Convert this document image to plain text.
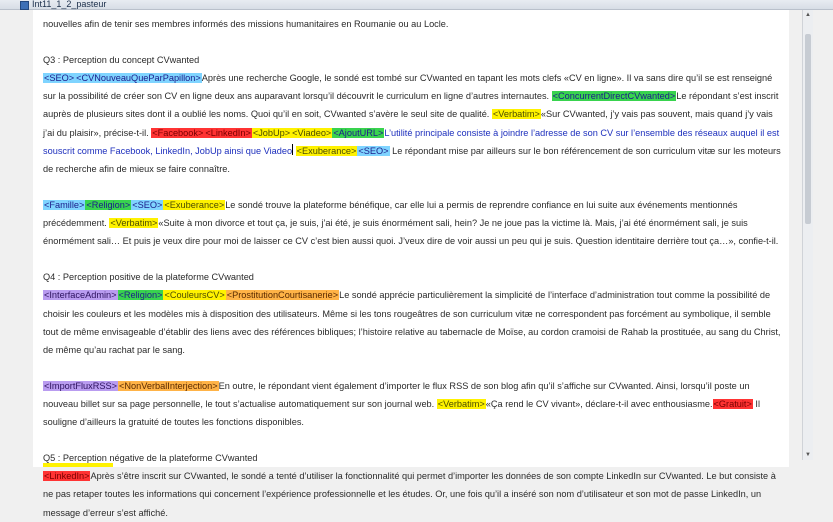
Int11_1_2_pasteur

nouvelles afin de tenir ses membres informés des missions humanitaires en Roumanie ou au Locle.

Q3 : Perception du concept CVwanted

<SEO> <CVNouveauQueParPapillon>Après une recherche Google, le sondé est tombé sur CVwanted en tapant les mots clefs «CV en ligne». Il va sans dire qu’il se est renseigné sur la possibilité de créer son CV en ligne deux ans auparavant lorsqu’il découvrit le curriculum en ligne d’autres internautes. <ConcurrentDirectCVwanted>Le répondant s’est inscrit auprès de plusieurs sites dont il a oublié les noms. Quoi qu’il en soit, CVwanted s’avère le seul site de qualité. <Verbatim>«Sur CVwanted, j’y vais pas souvent, mais quand j’y vais j’ai du plaisir», précise-t-il. <Facebook> <LinkedIn> <JobUp> <Viadeo> <AjoutURL>L’utilité principale consiste à joindre l’adresse de son CV sur l’ensemble des réseaux auquel il est souscrit comme Facebook, LinkedIn, JobUp ainsi que Viadeo <Exuberance> <SEO> Le répondant mise par ailleurs sur le bon référencement de son curriculum vitæ sur les moteurs de recherche afin de mieux se faire connaître.

<Famille> <Religion> <SEO> <Exuberance>Le sondé trouve la plateforme bénéfique, car elle lui a permis de reprendre confiance en lui suite aux événements mentionnés précédemment. <Verbatim>«Suite à mon divorce et tout ça, je suis, j’ai été, je suis énormément sali, hein? Je ne joue pas la victime là. Mais, j’ai été énormément sali, je suis énormément sali… Et puis je veux dire pour moi de laisser ce CV c’est bien aussi quoi. J’veux dire de voir aussi un peu qui je suis. Question identitaire derrière tout ça…», confie-t-il.

Q4 : Perception positive de la plateforme CVwanted

<InterfaceAdmin> <Religion> <CouleursCV> <ProstitutionCourtisanerie>Le sondé apprécie particulièrement la simplicité de l’interface d’administration tout comme la possibilité de choisir les couleurs et les modèles mis à disposition des utilisateurs. Même si les tons rougeâtres de son curriculum vitæ ne correspondent pas forcément au symbolique, il semble tout de même envisageable d’établir des liens avec des références bibliques; l’histoire relative au tabernacle de Moïse, au cordon cramoisi de Rahab la prostituée, au sang du Christ, de même qu’au rachat par le sang.

<ImportFluxRSS> <NonVerbalInterjection>En outre, le répondant vient également d’importer le flux RSS de son blog afin qu’il s’affiche sur CVwanted. Ainsi, lorsqu’il poste un nouveau billet sur sa page personnelle, le tout s’actualise automatiquement sur son journal web. <Verbatim>«Ça rend le CV vivant», déclare-t-il avec enthousiasme.<Gratuit> Il souligne d’ailleurs la gratuité de toutes les fonctions disponibles.

Q5 : Perception négative de la plateforme CVwanted

<LinkedIn>Après s’être inscrit sur CVwanted, le sondé a tenté d’utiliser la fonctionnalité qui permet d’importer les données de son compte LinkedIn sur CVwanted. Le but consiste à ne pas retaper toutes les informations qui concernent l’expérience professionnelle et les études. Or, une fois qu’il a inséré son nom d’utilisateur et son mot de passe LinkedIn, un message d’erreur s’est affiché.

▲
▼
